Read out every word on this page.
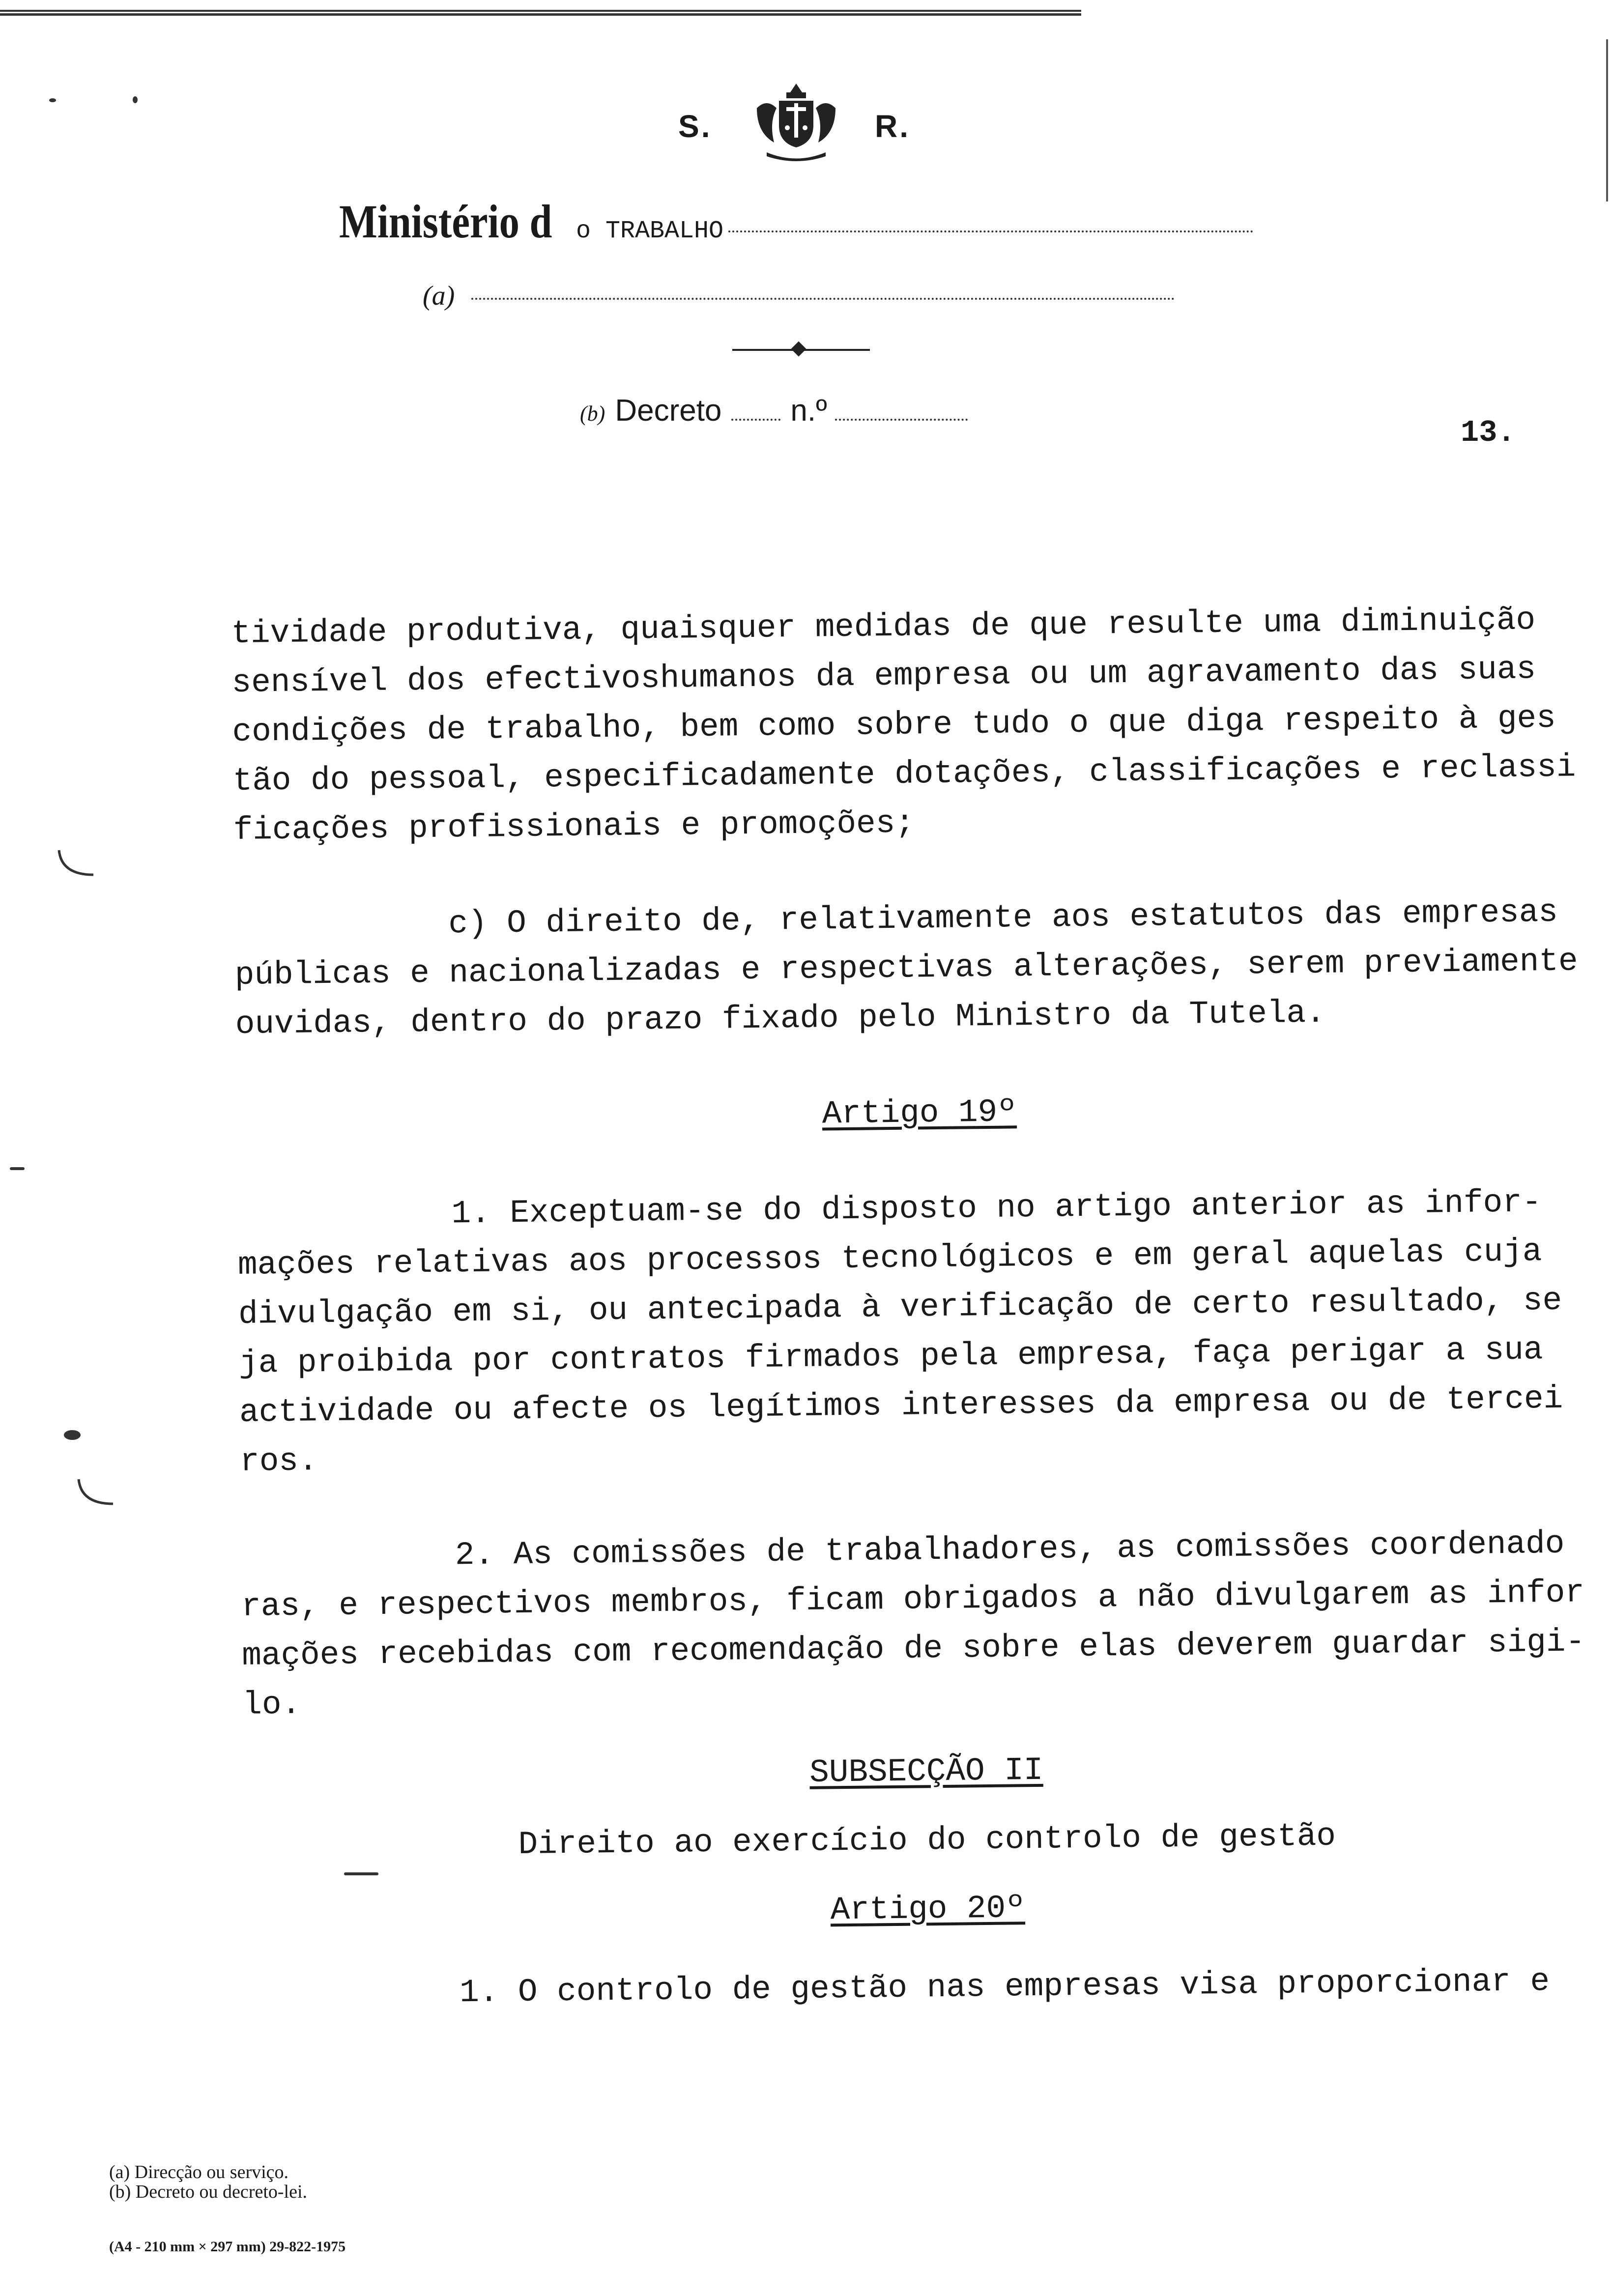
S.	R.
Ministério d o TRABALHO
(a)
(b) Decreto n.º
13.

tividade produtiva, quaisquer medidas de que resulte uma diminuição

sensível dos efectivoshumanos da empresa ou um agravamento das suas

condições de trabalho, bem como sobre tudo o que diga respeito à ges

tão do pessoal, especificadamente dotações, classificações e reclassi

ficações profissionais e promoções;

c) O direito de, relativamente aos estatutos das empresas

públicas e nacionalizadas e respectivas alterações, serem previamente

ouvidas, dentro do prazo fixado pelo Ministro da Tutela.

Artigo 19º

1. Exceptuam-se do disposto no artigo anterior as infor-

mações relativas aos processos tecnológicos e em geral aquelas cuja

divulgação em si, ou antecipada à verificação de certo resultado, se

ja proibida por contratos firmados pela empresa, faça perigar a sua

actividade ou afecte os legítimos interesses da empresa ou de tercei

ros.

2. As comissões de trabalhadores, as comissões coordenado

ras, e respectivos membros, ficam obrigados a não divulgarem as infor

mações recebidas com recomendação de sobre elas deverem guardar sigi-

lo.

SUBSECÇÃO II

Direito ao exercício do controlo de gestão

Artigo 20º

1. O controlo de gestão nas empresas visa proporcionar e

(a) Direcção ou serviço.
(b) Decreto ou decreto-lei.
(A4 - 210 mm × 297 mm) 29-822-1975
